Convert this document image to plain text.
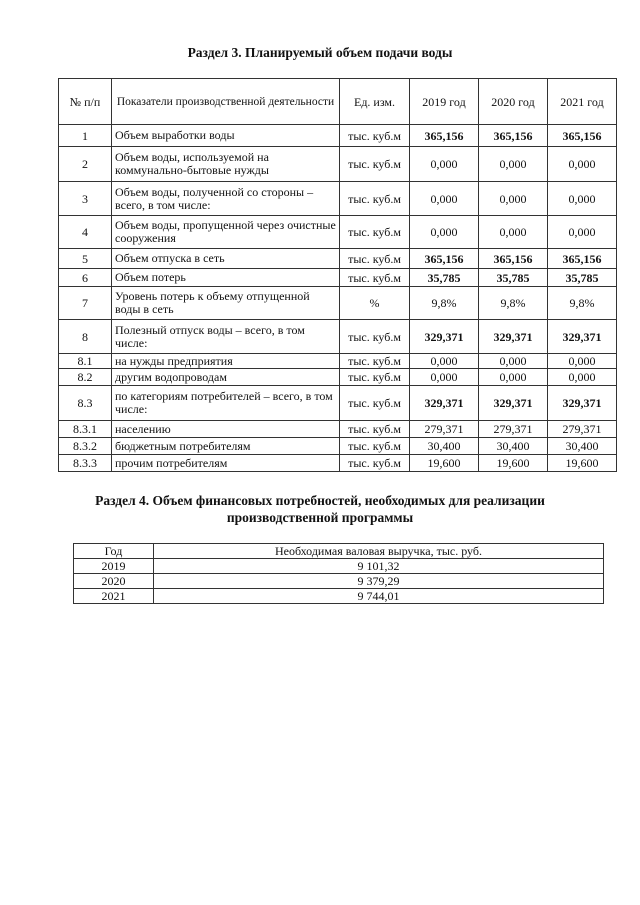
Раздел 3. Планируемый объем подачи воды
№ п/п	Показатели производственной деятельности	Ед. изм.	2019 год	2020 год	2021 год
1	Объем выработки воды	тыс. куб.м	365,156	365,156	365,156
2	Объем воды, используемой на коммунально-бытовые нужды	тыс. куб.м	0,000	0,000	0,000
3	Объем воды, полученной со стороны – всего, в том числе:	тыс. куб.м	0,000	0,000	0,000
4	Объем воды, пропущенной через очистные сооружения	тыс. куб.м	0,000	0,000	0,000
5	Объем отпуска в сеть	тыс. куб.м	365,156	365,156	365,156
6	Объем потерь	тыс. куб.м	35,785	35,785	35,785
7	Уровень потерь к объему отпущенной воды в сеть	%	9,8%	9,8%	9,8%
8	Полезный отпуск воды – всего, в том числе:	тыс. куб.м	329,371	329,371	329,371
8.1	на нужды предприятия	тыс. куб.м	0,000	0,000	0,000
8.2	другим водопроводам	тыс. куб.м	0,000	0,000	0,000
8.3	по категориям потребителей – всего, в том числе:	тыс. куб.м	329,371	329,371	329,371
8.3.1	населению	тыс. куб.м	279,371	279,371	279,371
8.3.2	бюджетным потребителям	тыс. куб.м	30,400	30,400	30,400
8.3.3	прочим потребителям	тыс. куб.м	19,600	19,600	19,600
Раздел 4. Объем финансовых потребностей, необходимых для реализации
производственной программы
Год	Необходимая валовая выручка, тыс. руб.
2019	9 101,32
2020	9 379,29
2021	9 744,01
